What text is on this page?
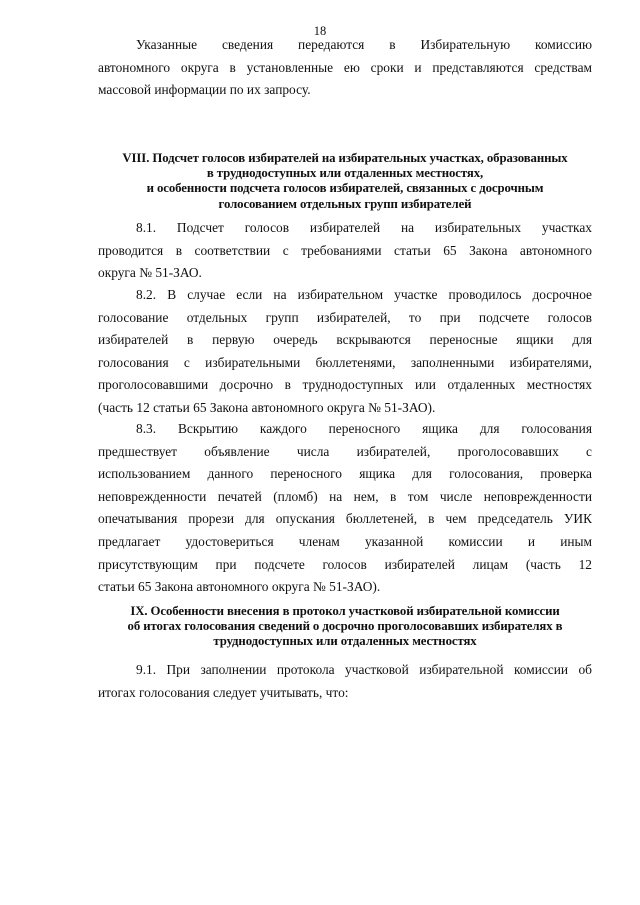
18
Указанные сведения передаются в Избирательную комиссию
автономного округа в установленные ею сроки и представляются средствам
массовой информации по их запросу.
VIII. Подсчет голосов избирателей на избирательных участках, образованных
в труднодоступных или отдаленных местностях,
и особенности подсчета голосов избирателей, связанных с досрочным
голосованием отдельных групп избирателей
8.1. Подсчет голосов избирателей на избирательных участках
проводится в соответствии с требованиями статьи 65 Закона автономного
округа № 51-ЗАО.
8.2. В случае если на избирательном участке проводилось досрочное
голосование отдельных групп избирателей, то при подсчете голосов
избирателей в первую очередь вскрываются переносные ящики для
голосования с избирательными бюллетенями, заполненными избирателями,
проголосовавшими досрочно в труднодоступных или отдаленных местностях
(часть 12 статьи 65 Закона автономного округа № 51-ЗАО).
8.3. Вскрытию каждого переносного ящика для голосования
предшествует объявление числа избирателей, проголосовавших с
использованием данного переносного ящика для голосования, проверка
неповрежденности печатей (пломб) на нем, в том числе неповрежденности
опечатывания прорези для опускания бюллетеней, в чем председатель УИК
предлагает удостовериться членам указанной комиссии и иным
присутствующим при подсчете голосов избирателей лицам (часть 12
статьи 65 Закона автономного округа № 51-ЗАО).
IX. Особенности внесения в протокол участковой избирательной комиссии
об итогах голосования сведений о досрочно проголосовавших избирателях в
труднодоступных или отдаленных местностях
9.1. При заполнении протокола участковой избирательной комиссии об
итогах голосования следует учитывать, что:
